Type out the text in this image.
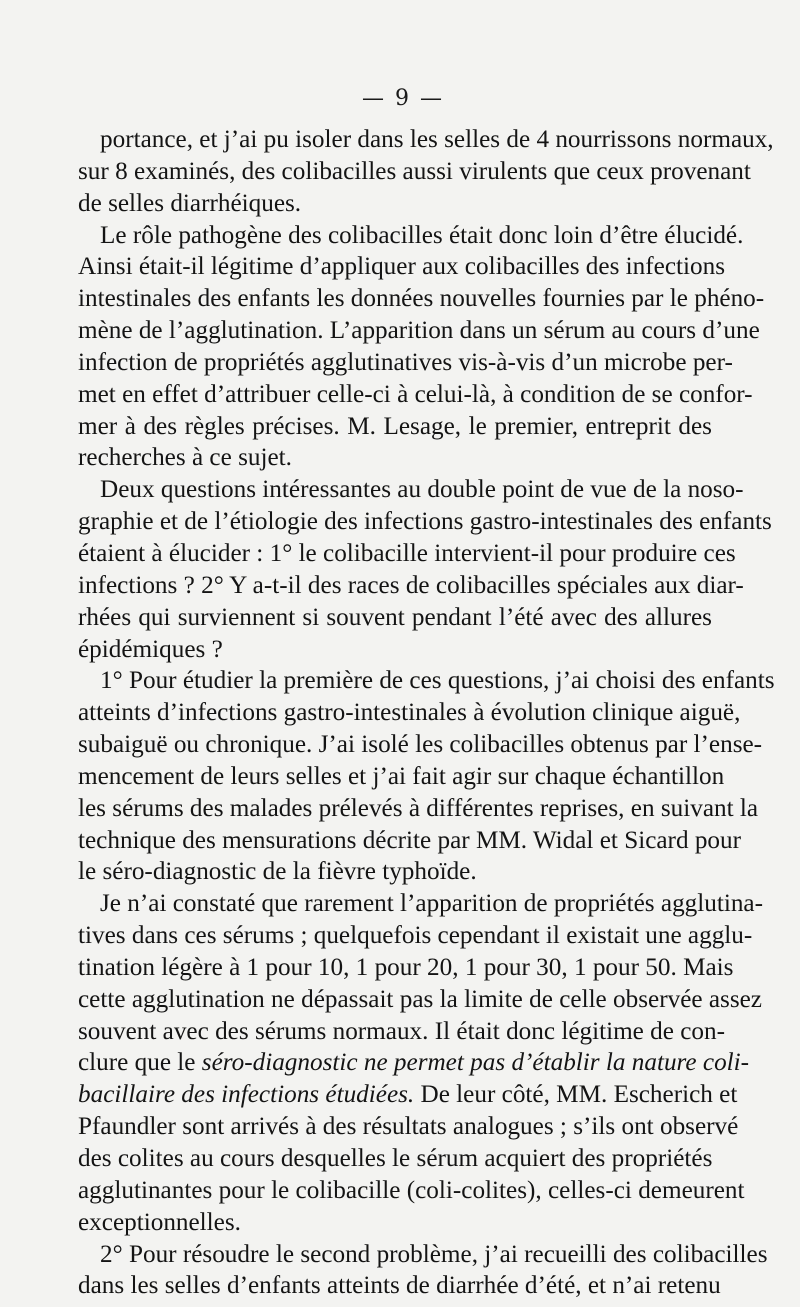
— 9 —
portance, et j’ai pu isoler dans les selles de 4 nourrissons normaux,
sur 8 examinés, des colibacilles aussi virulents que ceux provenant
de selles diarrhéiques.
Le rôle pathogène des colibacilles était donc loin d’être élucidé.
Ainsi était-il légitime d’appliquer aux colibacilles des infections
intestinales des enfants les données nouvelles fournies par le phéno-
mène de l’agglutination. L’apparition dans un sérum au cours d’une
infection de propriétés agglutinatives vis-à-vis d’un microbe per-
met en effet d’attribuer celle-ci à celui-là, à condition de se confor-
mer à des règles précises. M. Lesage, le premier, entreprit des
recherches à ce sujet.
Deux questions intéressantes au double point de vue de la noso-
graphie et de l’étiologie des infections gastro-intestinales des enfants
étaient à élucider : 1° le colibacille intervient-il pour produire ces
infections ? 2° Y a-t-il des races de colibacilles spéciales aux diar-
rhées qui surviennent si souvent pendant l’été avec des allures
épidémiques ?
1° Pour étudier la première de ces questions, j’ai choisi des enfants
atteints d’infections gastro-intestinales à évolution clinique aiguë,
subaiguë ou chronique. J’ai isolé les colibacilles obtenus par l’ense-
mencement de leurs selles et j’ai fait agir sur chaque échantillon
les sérums des malades prélevés à différentes reprises, en suivant la
technique des mensurations décrite par MM. Widal et Sicard pour
le séro-diagnostic de la fièvre typhoïde.
Je n’ai constaté que rarement l’apparition de propriétés agglutina-
tives dans ces sérums ; quelquefois cependant il existait une agglu-
tination légère à 1 pour 10, 1 pour 20, 1 pour 30, 1 pour 50. Mais
cette agglutination ne dépassait pas la limite de celle observée assez
souvent avec des sérums normaux. Il était donc légitime de con-
clure que le séro-diagnostic ne permet pas d’établir la nature coli-
bacillaire des infections étudiées. De leur côté, MM. Escherich et
Pfaundler sont arrivés à des résultats analogues ; s’ils ont observé
des colites au cours desquelles le sérum acquiert des propriétés
agglutinantes pour le colibacille (coli-colites), celles-ci demeurent
exceptionnelles.
2° Pour résoudre le second problème, j’ai recueilli des colibacilles
dans les selles d’enfants atteints de diarrhée d’été, et n’ai retenu
